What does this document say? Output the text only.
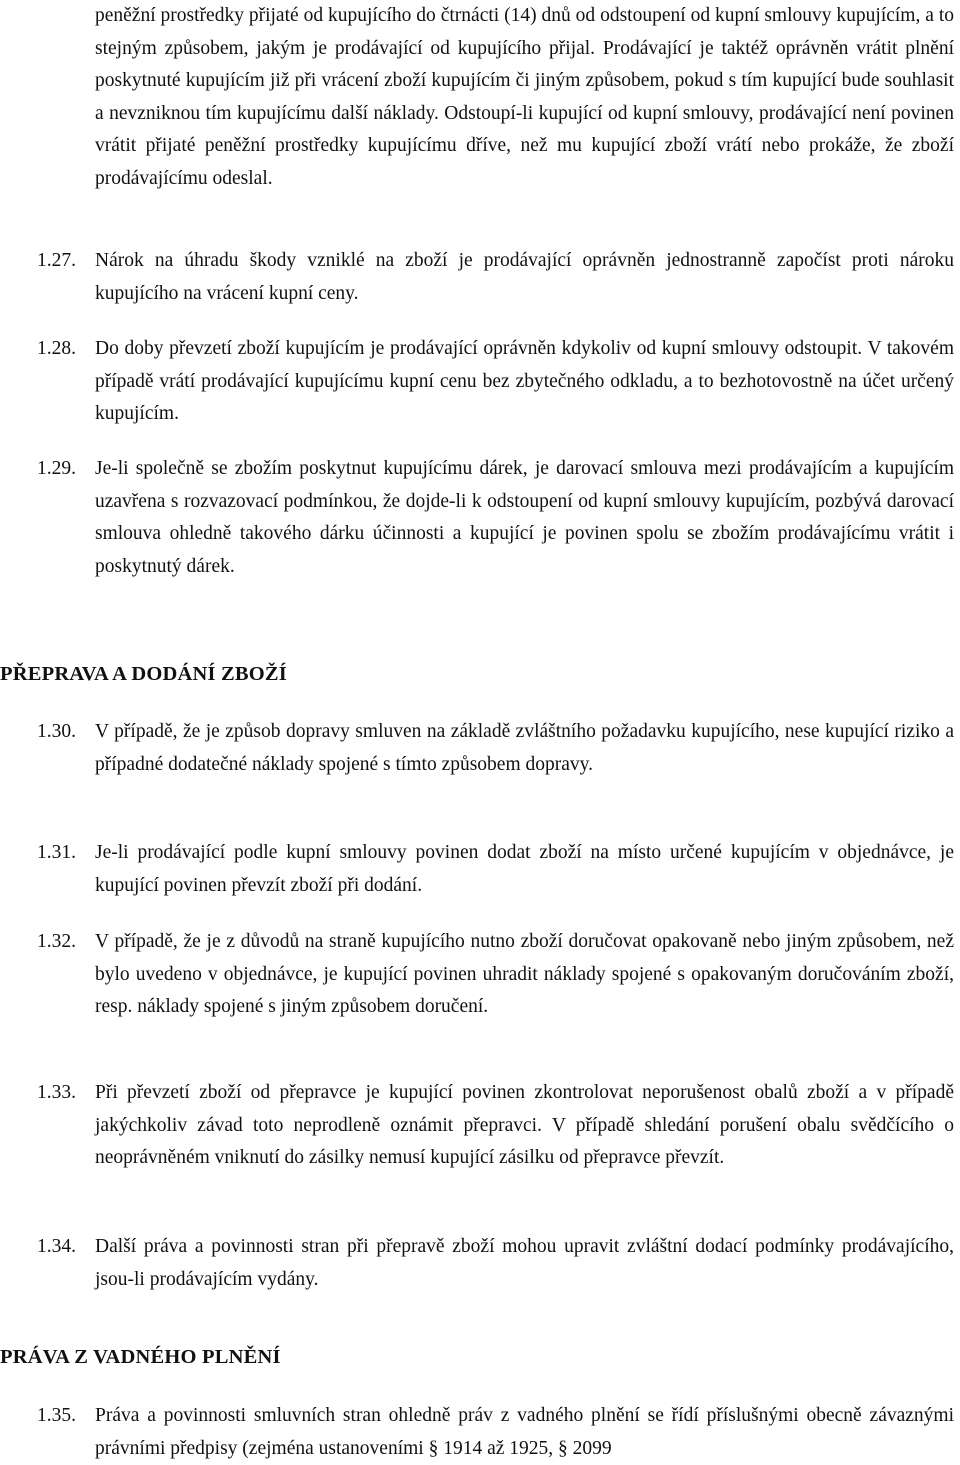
peněžní prostředky přijaté od kupujícího do čtrnácti (14) dnů od odstoupení od kupní smlouvy kupujícím, a to stejným způsobem, jakým je prodávající od kupujícího přijal. Prodávající je taktéž oprávněn vrátit plnění poskytnuté kupujícím již při vrácení zboží kupujícím či jiným způsobem, pokud s tím kupující bude souhlasit a nevzniknou tím kupujícímu další náklady. Odstoupí-li kupující od kupní smlouvy, prodávající není povinen vrátit přijaté peněžní prostředky kupujícímu dříve, než mu kupující zboží vrátí nebo prokáže, že zboží prodávajícímu odeslal.

1.27. Nárok na úhradu škody vzniklé na zboží je prodávající oprávněn jednostranně započíst proti nároku kupujícího na vrácení kupní ceny.

1.28. Do doby převzetí zboží kupujícím je prodávající oprávněn kdykoliv od kupní smlouvy odstoupit. V takovém případě vrátí prodávající kupujícímu kupní cenu bez zbytečného odkladu, a to bezhotovostně na účet určený kupujícím.

1.29. Je-li společně se zbožím poskytnut kupujícímu dárek, je darovací smlouva mezi prodávajícím a kupujícím uzavřena s rozvazovací podmínkou, že dojde-li k odstoupení od kupní smlouvy kupujícím, pozbývá darovací smlouva ohledně takového dárku účinnosti a kupující je povinen spolu se zbožím prodávajícímu vrátit i poskytnutý dárek.

PŘEPRAVA A DODÁNÍ ZBOŽÍ
1.30. V případě, že je způsob dopravy smluven na základě zvláštního požadavku kupujícího, nese kupující riziko a případné dodatečné náklady spojené s tímto způsobem dopravy.

1.31. Je-li prodávající podle kupní smlouvy povinen dodat zboží na místo určené kupujícím v objednávce, je kupující povinen převzít zboží při dodání.

1.32. V případě, že je z důvodů na straně kupujícího nutno zboží doručovat opakovaně nebo jiným způsobem, než bylo uvedeno v objednávce, je kupující povinen uhradit náklady spojené s opakovaným doručováním zboží, resp. náklady spojené s jiným způsobem doručení.

1.33. Při převzetí zboží od přepravce je kupující povinen zkontrolovat neporušenost obalů zboží a v případě jakýchkoliv závad toto neprodleně oznámit přepravci. V případě shledání porušení obalu svědčícího o neoprávněném vniknutí do zásilky nemusí kupující zásilku od přepravce převzít.

1.34. Další práva a povinnosti stran při přepravě zboží mohou upravit zvláštní dodací podmínky prodávajícího, jsou-li prodávajícím vydány.

PRÁVA Z VADNÉHO PLNĚNÍ
1.35. Práva a povinnosti smluvních stran ohledně práv z vadného plnění se řídí příslušnými obecně závaznými právními předpisy (zejména ustanoveními § 1914 až 1925, § 2099
